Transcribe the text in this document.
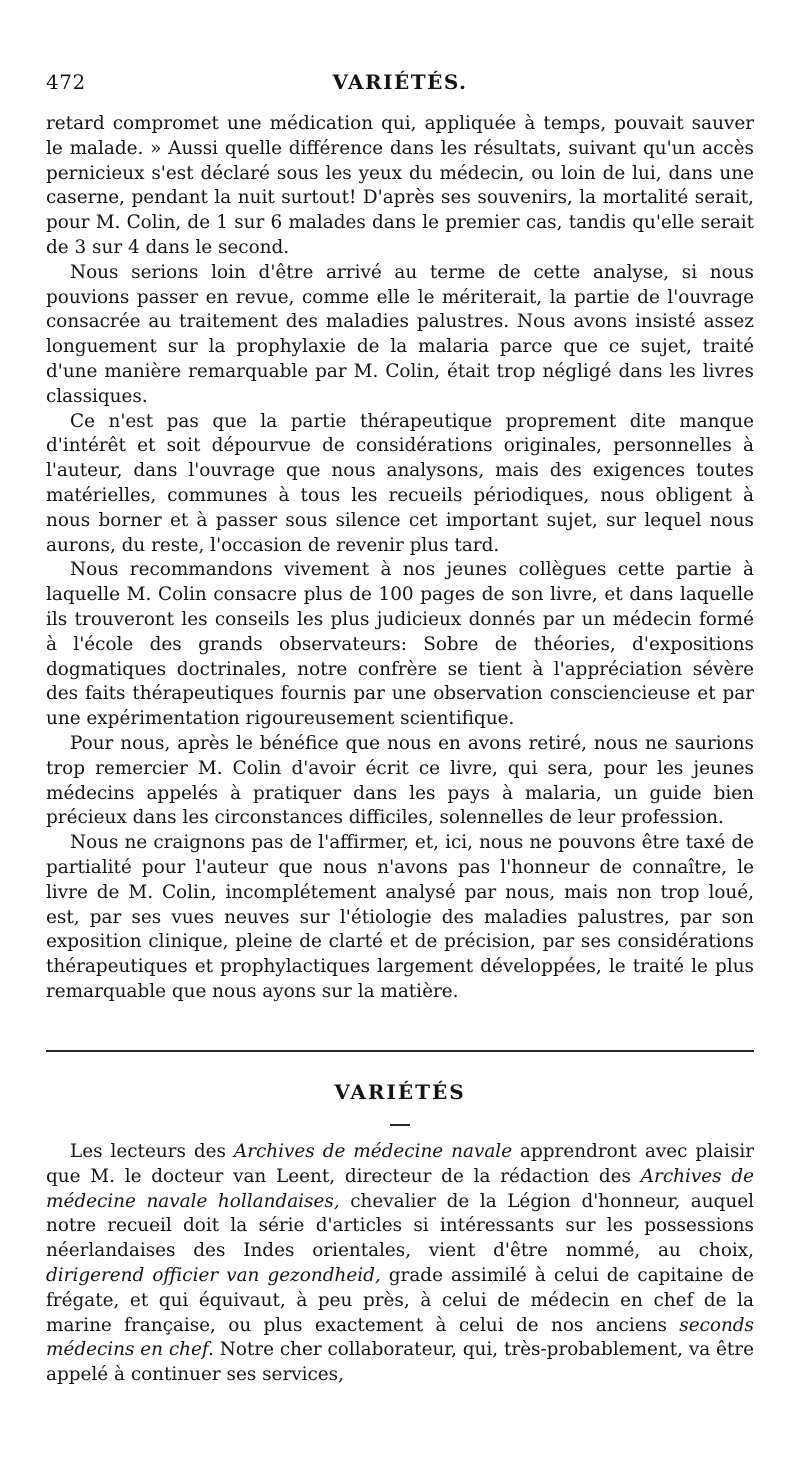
472	VARIÉTÉS.

retard compromet une médication qui, appliquée à temps, pouvait sauver le malade. » Aussi quelle différence dans les résultats, suivant qu'un accès pernicieux s'est déclaré sous les yeux du médecin, ou loin de lui, dans une caserne, pendant la nuit surtout! D'après ses souvenirs, la mortalité serait, pour M. Colin, de 1 sur 6 malades dans le premier cas, tandis qu'elle serait de 3 sur 4 dans le second.

Nous serions loin d'être arrivé au terme de cette analyse, si nous pouvions passer en revue, comme elle le mériterait, la partie de l'ouvrage consacrée au traitement des maladies palustres. Nous avons insisté assez longuement sur la prophylaxie de la malaria parce que ce sujet, traité d'une manière remarquable par M. Colin, était trop négligé dans les livres classiques.

Ce n'est pas que la partie thérapeutique proprement dite manque d'intérêt et soit dépourvue de considérations originales, personnelles à l'auteur, dans l'ouvrage que nous analysons, mais des exigences toutes matérielles, communes à tous les recueils périodiques, nous obligent à nous borner et à passer sous silence cet important sujet, sur lequel nous aurons, du reste, l'occasion de revenir plus tard.

Nous recommandons vivement à nos jeunes collègues cette partie à laquelle M. Colin consacre plus de 100 pages de son livre, et dans laquelle ils trouveront les conseils les plus judicieux donnés par un médecin formé à l'école des grands observateurs: Sobre de théories, d'expositions dogmatiques doctrinales, notre confrère se tient à l'appréciation sévère des faits thérapeutiques fournis par une observation consciencieuse et par une expérimentation rigoureusement scientifique.

Pour nous, après le bénéfice que nous en avons retiré, nous ne saurions trop remercier M. Colin d'avoir écrit ce livre, qui sera, pour les jeunes médecins appelés à pratiquer dans les pays à malaria, un guide bien précieux dans les circonstances difficiles, solennelles de leur profession.

Nous ne craignons pas de l'affirmer, et, ici, nous ne pouvons être taxé de partialité pour l'auteur que nous n'avons pas l'honneur de connaître, le livre de M. Colin, incomplétement analysé par nous, mais non trop loué, est, par ses vues neuves sur l'étiologie des maladies palustres, par son exposition clinique, pleine de clarté et de précision, par ses considérations thérapeutiques et prophylactiques largement développées, le traité le plus remarquable que nous ayons sur la matière.

VARIÉTÉS

Les lecteurs des Archives de médecine navale apprendront avec plaisir que M. le docteur van Leent, directeur de la rédaction des Archives de médecine navale hollandaises, chevalier de la Légion d'honneur, auquel notre recueil doit la série d'articles si intéressants sur les possessions néerlandaises des Indes orientales, vient d'être nommé, au choix, dirigerend officier van gezondheid, grade assimilé à celui de capitaine de frégate, et qui équivaut, à peu près, à celui de médecin en chef de la marine française, ou plus exactement à celui de nos anciens seconds médecins en chef. Notre cher collaborateur, qui, très-probablement, va être appelé à continuer ses services,
